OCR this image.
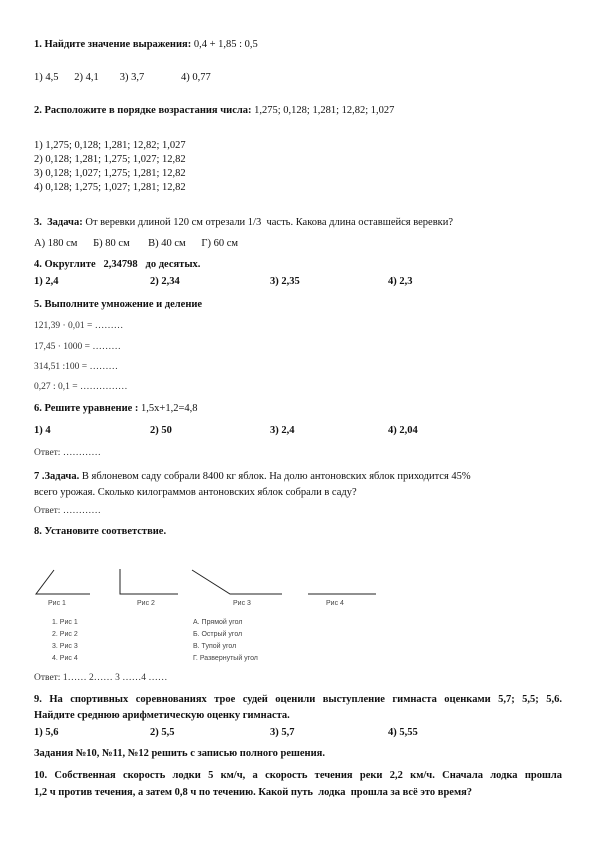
1. Найдите значение выражения: 0,4 + 1,85 : 0,5
1) 4,5      2) 4,1        3) 3,7              4) 0,77
2. Расположите в порядке возрастания числа: 1,275; 0,128; 1,281; 12,82; 1,027
1) 1,275; 0,128; 1,281; 12,82; 1,027
2) 0,128; 1,281; 1,275; 1,027; 12,82
3) 0,128; 1,027; 1,275; 1,281; 12,82
4) 0,128; 1,275; 1,027; 1,281; 12,82
3. Задача: От веревки длиной 120 см отрезали 1/3  часть. Какова длина оставшейся веревки?
А) 180 см      Б) 80 см       В) 40 см      Г) 60 см
4. Округлите   2,34798   до десятых.
1) 2,4	2) 2,34	3) 2,35	4) 2,3
5. Выполните умножение и деление
121,39 · 0,01 = ………
17,45 · 1000 = ………
314,51 :100 = ………
0,27 : 0,1 = ……………
6. Решите уравнение : 1,5х+1,2=4,8
1) 4	2) 50	3) 2,4	4) 2,04
Ответ: …………
7 .Задача. В яблоневом саду собрали 8400 кг яблок. На долю антоновских яблок приходится 45%
всего урожая. Сколько килограммов антоновских яблок собрали в саду?
Ответ: …………
8. Установите соответствие.
Рис 1	Рис 2	Рис 3	Рис 4
1. Рис 1
2. Рис 2
3. Рис 3
4. Рис 4
А. Прямой угол
Б. Острый угол
В. Тупой угол
Г. Развернутый угол
Ответ: 1…… 2…… 3 ……4 ……
9. На спортивных соревнованиях трое судей оценили выступление гимнаста оценками 5,7; 5,5; 5,6.
Найдите среднюю арифметическую оценку гимнаста.
1) 5,6	2) 5,5	3) 5,7	4) 5,55
Задания №10, №11, №12 решить с записью полного решения.
10. Собственная скорость лодки 5 км/ч, а скорость течения реки 2,2 км/ч. Сначала лодка прошла
1,2 ч против течения, а затем 0,8 ч по течению. Какой путь  лодка  прошла за всё это время?
